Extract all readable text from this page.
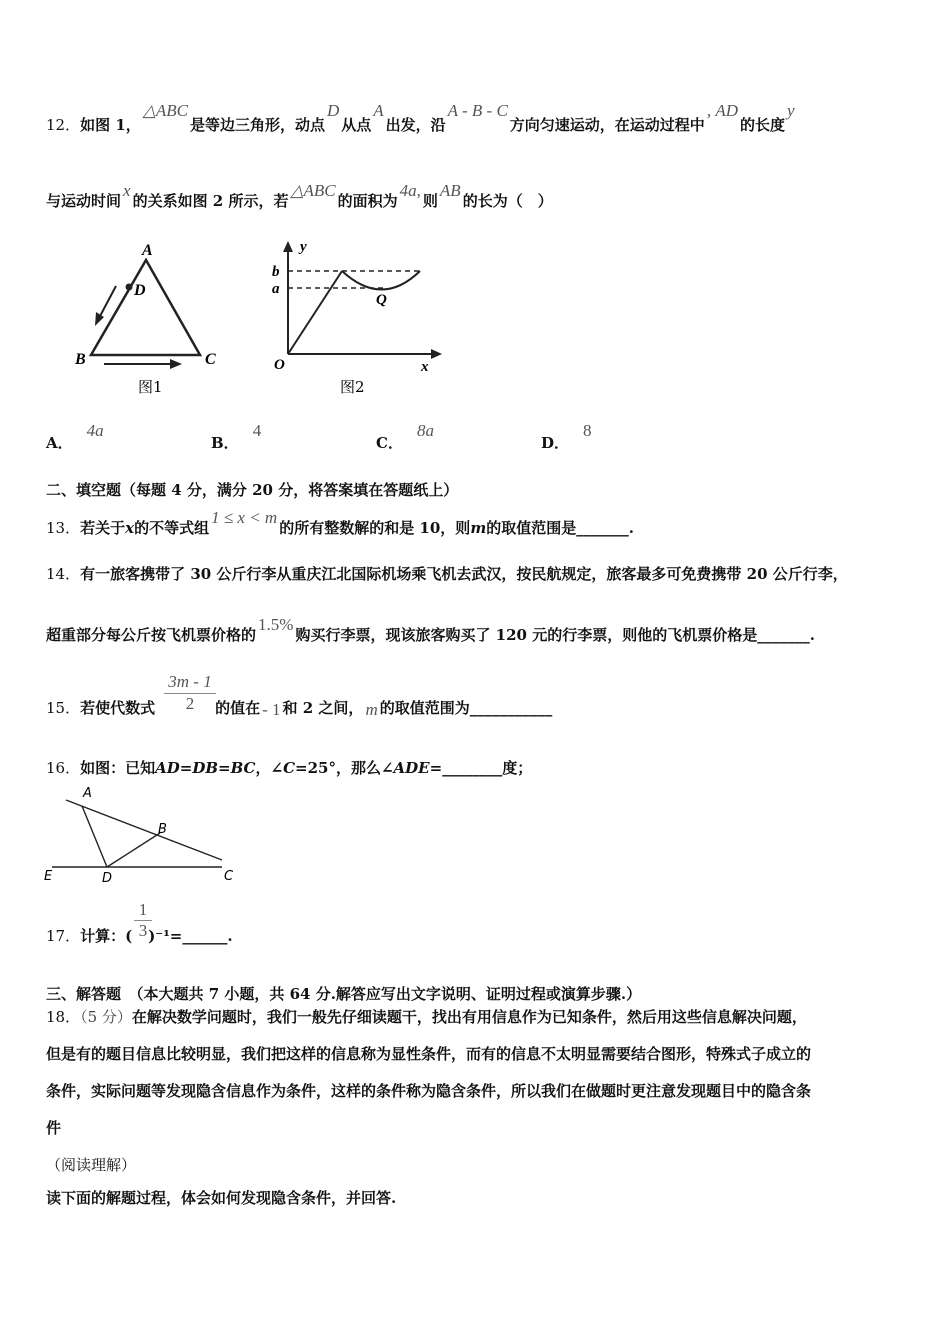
12．如图 1，△ABC是等边三角形，动点D从点A出发，沿A - B - C方向匀速运动，在运动过程中, AD的长度y
与运动时间x的关系如图 2 所示，若△ABC的面积为4a,则AB的长为（　）
A
D
B	C
图1
y
b
a
O
Q
x
图2
A．4a
B．4
C．8a
D．8
二、填空题（每题 4 分，满分 20 分，将答案填在答题纸上）
13．若关于x的不等式组1 ≤ x < m的所有整数解的和是 10，则m的取值范围是_______.
14．有一旅客携带了 30 公斤行李从重庆江北国际机场乘飞机去武汉，按民航规定，旅客最多可免费携带 20 公斤行李，
超重部分每公斤按飞机票价格的1.5%购买行李票，现该旅客购买了 120 元的行李票，则他的飞机票价格是_______.
15．若使代数式	的值在 - 1 和 2 之间， m 的取值范围为___________
$\frac{3m - 1}{2}$
16．如图：已知AD=DB=BC，∠C=25°，那么∠ADE=________度；
A
B
C
D
E
17．计算：( )⁻¹=______.
$\frac{1}{3}$
三、解答题　（本大题共 7 小题，共 64 分.解答应写出文字说明、证明过程或演算步骤.）
18．（5 分）在解决数学问题时，我们一般先仔细读题干，找出有用信息作为已知条件，然后用这些信息解决问题，
但是有的题目信息比较明显，我们把这样的信息称为显性条件，而有的信息不太明显需要结合图形，特殊式子成立的
条件，实际问题等发现隐含信息作为条件，这样的条件称为隐含条件，所以我们在做题时更注意发现题目中的隐含条
件
（阅读理解）
读下面的解题过程，体会如何发现隐含条件，并回答.
